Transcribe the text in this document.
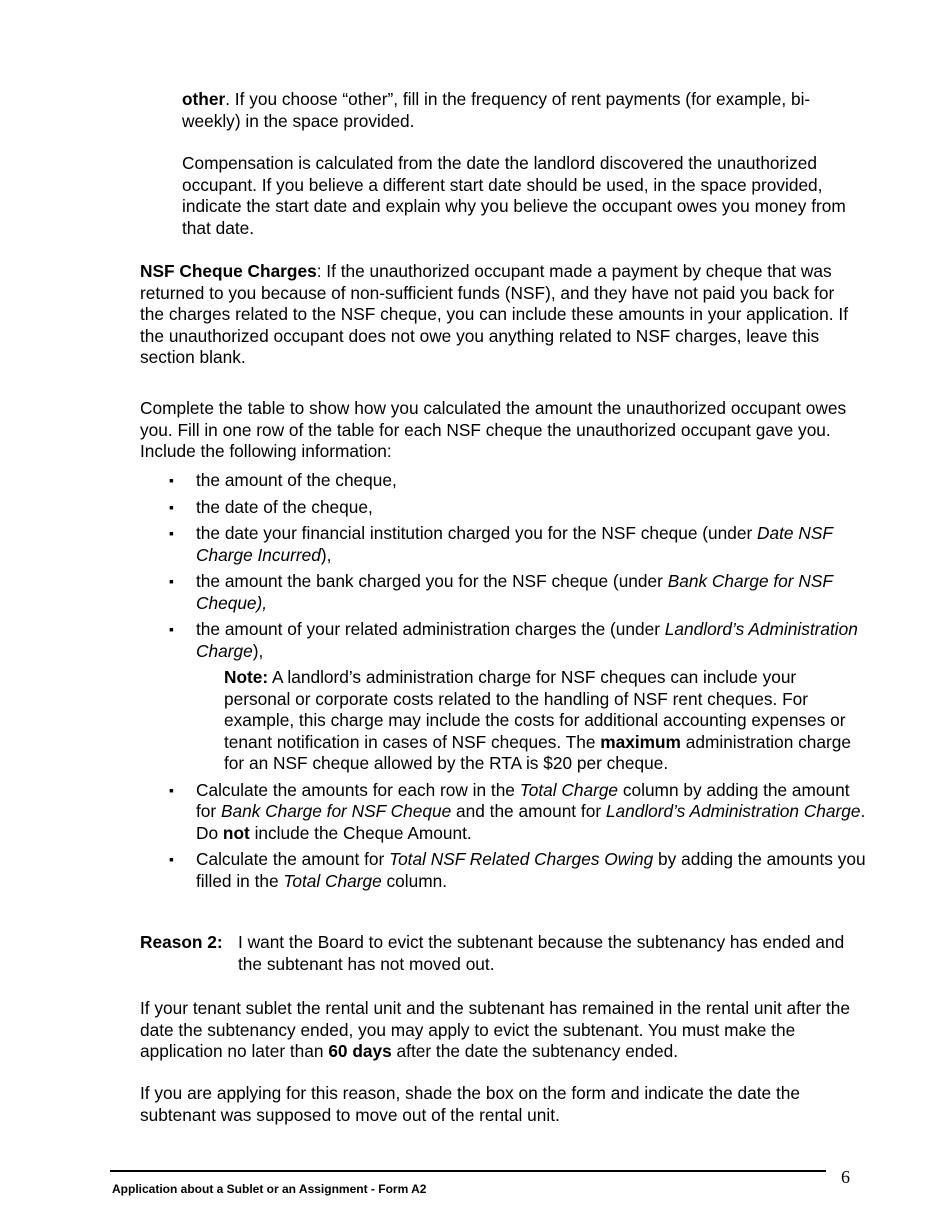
other. If you choose “other”, fill in the frequency of rent payments (for example, bi-weekly) in the space provided.

Compensation is calculated from the date the landlord discovered the unauthorized occupant. If you believe a different start date should be used, in the space provided, indicate the start date and explain why you believe the occupant owes you money from that date.

NSF Cheque Charges: If the unauthorized occupant made a payment by cheque that was returned to you because of non-sufficient funds (NSF), and they have not paid you back for the charges related to the NSF cheque, you can include these amounts in your application. If the unauthorized occupant does not owe you anything related to NSF charges, leave this section blank.

Complete the table to show how you calculated the amount the unauthorized occupant owes you. Fill in one row of the table for each NSF cheque the unauthorized occupant gave you. Include the following information:

▪ the amount of the cheque,
▪ the date of the cheque,
▪ the date your financial institution charged you for the NSF cheque (under Date NSF Charge Incurred),
▪ the amount the bank charged you for the NSF cheque (under Bank Charge for NSF Cheque),
▪ the amount of your related administration charges the (under Landlord’s Administration Charge),
Note: A landlord’s administration charge for NSF cheques can include your personal or corporate costs related to the handling of NSF rent cheques. For example, this charge may include the costs for additional accounting expenses or tenant notification in cases of NSF cheques. The maximum administration charge for an NSF cheque allowed by the RTA is $20 per cheque.
▪ Calculate the amounts for each row in the Total Charge column by adding the amount for Bank Charge for NSF Cheque and the amount for Landlord’s Administration Charge. Do not include the Cheque Amount.
▪ Calculate the amount for Total NSF Related Charges Owing by adding the amounts you filled in the Total Charge column.
Reason 2: I want the Board to evict the subtenant because the subtenancy has ended and the subtenant has not moved out.

If your tenant sublet the rental unit and the subtenant has remained in the rental unit after the date the subtenancy ended, you may apply to evict the subtenant. You must make the application no later than 60 days after the date the subtenancy ended.

If you are applying for this reason, shade the box on the form and indicate the date the subtenant was supposed to move out of the rental unit.

Application about a Sublet or an Assignment - Form A2
6
